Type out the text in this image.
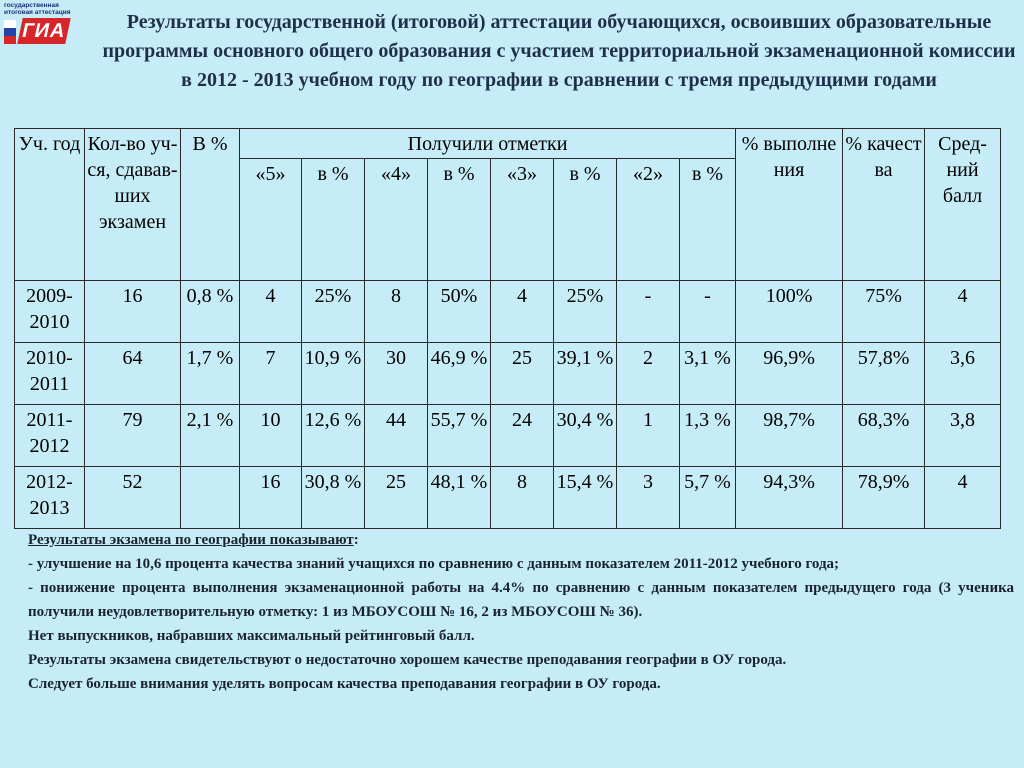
государственная
итоговая аттестация
ГИА	Результаты государственной (итоговой) аттестации обучающихся, освоивших образовательные программы основного общего образования с участием территориальной экзаменационной комиссии в 2012 - 2013 учебном году по географии в сравнении с тремя предыдущими годами
Уч. год	Кол-во уч-ся, сдавав-ших экзамен	В %	Получили отметки								% выполне ния	% качест ва	Сред-ний балл
			«5»	в %	«4»	в %	«3»	в %	«2»	в %			
2009-2010	16	0,8 %	4	25%	8	50%	4	25%	-	-	100%	75%	4
2010-2011	64	1,7 %	7	10,9 %	30	46,9 %	25	39,1 %	2	3,1 %	96,9%	57,8%	3,6
2011-2012	79	2,1 %	10	12,6 %	44	55,7 %	24	30,4 %	1	1,3 %	98,7%	68,3%	3,8
2012-2013	52		16	30,8 %	25	48,1 %	8	15,4 %	3	5,7 %	94,3%	78,9%	4

Результаты экзамена по географии показывают:

- улучшение на 10,6 процента качества знаний учащихся по сравнению с данным показателем 2011-2012 учебного года;

- понижение процента выполнения экзаменационной работы на 4.4% по сравнению с данным показателем предыдущего года (3 ученика получили неудовлетворительную отметку: 1 из МБОУСОШ № 16, 2 из МБОУСОШ № 36).

Нет выпускников, набравших максимальный рейтинговый балл.

Результаты экзамена свидетельствуют о недостаточно хорошем качестве преподавания географии в ОУ города.

Следует больше внимания уделять вопросам качества преподавания географии в ОУ города.
